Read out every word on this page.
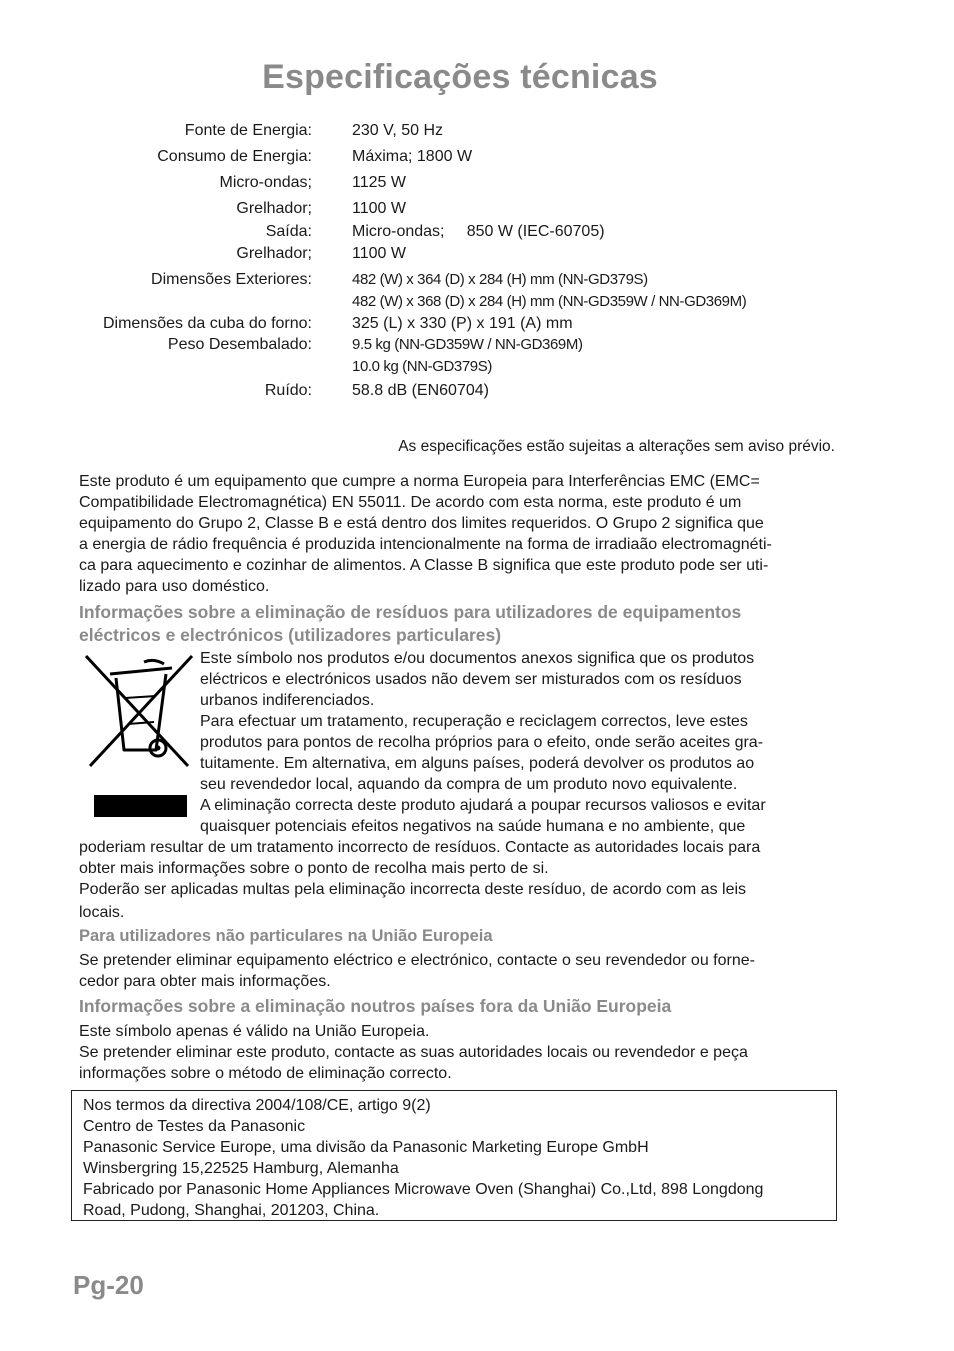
Especificações técnicas
Fonte de Energia:	230 V, 50 Hz
Consumo de Energia:	Máxima; 1800 W
Micro-ondas;	1125 W
Grelhador;	1100 W
Saída:	Micro-ondas;     850 W (IEC-60705)
Grelhador;	1100 W
Dimensões Exteriores:	482 (W) x 364 (D) x 284 (H) mm (NN-GD379S)
482 (W) x 368 (D) x 284 (H) mm (NN-GD359W / NN-GD369M)
Dimensões da cuba do forno:	325 (L) x 330 (P) x 191 (A) mm
Peso Desembalado:	9.5 kg (NN-GD359W / NN-GD369M)
10.0 kg (NN-GD379S)
Ruído:	58.8 dB (EN60704)
As especificações estão sujeitas a alterações sem aviso prévio.
Este produto é um equipamento que cumpre a norma Europeia para Interferências EMC (EMC=
Compatibilidade Electromagnética) EN 55011. De acordo com esta norma, este produto é um
equipamento do Grupo 2, Classe B e está dentro dos limites requeridos. O Grupo 2 significa que
a energia de rádio frequência é produzida intencionalmente na forma de irradiaão electromagnéti-
ca para aquecimento e cozinhar de alimentos. A Classe B significa que este produto pode ser uti-
lizado para uso doméstico.
Informações sobre a eliminação de resíduos para utilizadores de equipamentos
eléctricos e electrónicos (utilizadores particulares)
Este símbolo nos produtos e/ou documentos anexos significa que os produtos
eléctricos e electrónicos usados não devem ser misturados com os resíduos
urbanos indiferenciados.
Para efectuar um tratamento, recuperação e reciclagem correctos, leve estes
produtos para pontos de recolha próprios para o efeito, onde serão aceites gra-
tuitamente. Em alternativa, em alguns países, poderá devolver os produtos ao
seu revendedor local, aquando da compra de um produto novo equivalente.
A eliminação correcta deste produto ajudará a poupar recursos valiosos e evitar
quaisquer potenciais efeitos negativos na saúde humana e no ambiente, que
poderiam resultar de um tratamento incorrecto de resíduos. Contacte as autoridades locais para
obter mais informações sobre o ponto de recolha mais perto de si.
Poderão ser aplicadas multas pela eliminação incorrecta deste resíduo, de acordo com as leis
locais.
Para utilizadores não particulares na União Europeia
Se pretender eliminar equipamento eléctrico e electrónico, contacte o seu revendedor ou forne-
cedor para obter mais informações.
Informações sobre a eliminação noutros países fora da União Europeia
Este símbolo apenas é válido na União Europeia.
Se pretender eliminar este produto, contacte as suas autoridades locais ou revendedor e peça
informações sobre o método de eliminação correcto.
Nos termos da directiva 2004/108/CE, artigo 9(2)
Centro de Testes da Panasonic
Panasonic Service Europe, uma divisão da Panasonic Marketing Europe GmbH
Winsbergring 15,22525 Hamburg, Alemanha
Fabricado por Panasonic Home Appliances Microwave Oven (Shanghai) Co.,Ltd, 898 Longdong
Road, Pudong, Shanghai, 201203, China.
Pg-20
